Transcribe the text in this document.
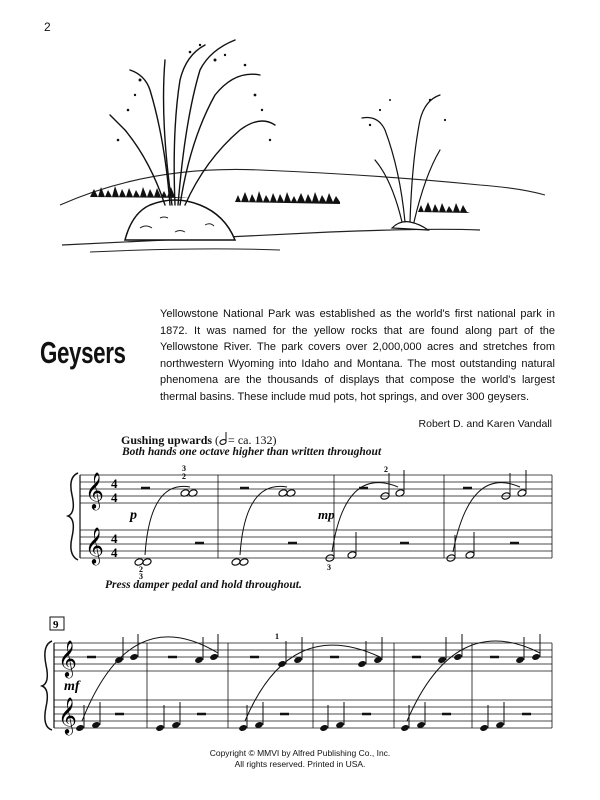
2
Geysers
Yellowstone National Park was established as the world's first national park in 1872. It was named for the yellow rocks that are found along part of the Yellowstone River. The park covers over 2,000,000 acres and stretches from northwestern Wyoming into Idaho and Montana. The most outstanding natural phenomena are the thousands of displays that compose the world's largest thermal basins. These include mud pots, hot springs, and over 300 geysers.
Robert D. and Karen Vandall
Gushing upwards ( = ca. 132)
Both hands one octave higher than written throughout
𝄞
𝄞
4
4
4
4
p	mp
3
2
2
2
3
3
Press damper pedal and hold throughout.
9
𝄞
𝄞
mf
1
Copyright © MMVI by Alfred Publishing Co., Inc.
All rights reserved. Printed in USA.
